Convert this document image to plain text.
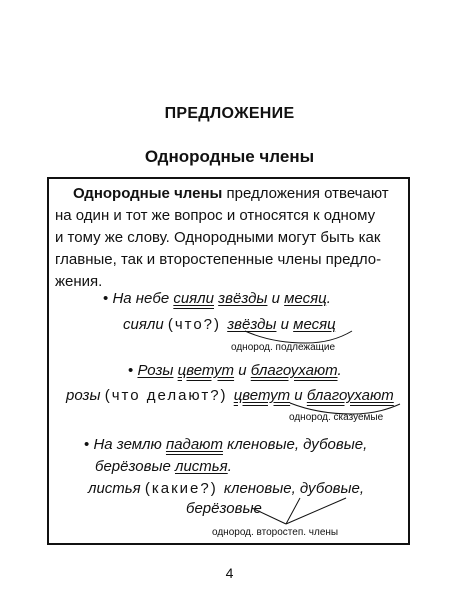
ПРЕДЛОЖЕНИЕ
Однородные члены
Однородные члены предложения отвечают
на один и тот же вопрос и относятся к одному
и тому же слову. Однородными могут быть как
главные, так и второстепенные члены предло-
жения.
• На небе сияли звёзды и месяц.
сияли (что?) звёзды и месяц
однород. подлежащие
• Розы цветут и благоухают.
розы (что делают?) цветут и благоухают
однород. сказуемые
• На землю падают кленовые, дубовые,
берёзовые листья.
листья (какие?) кленовые, дубовые,
берёзовые
однород. второстеп. члены
4
